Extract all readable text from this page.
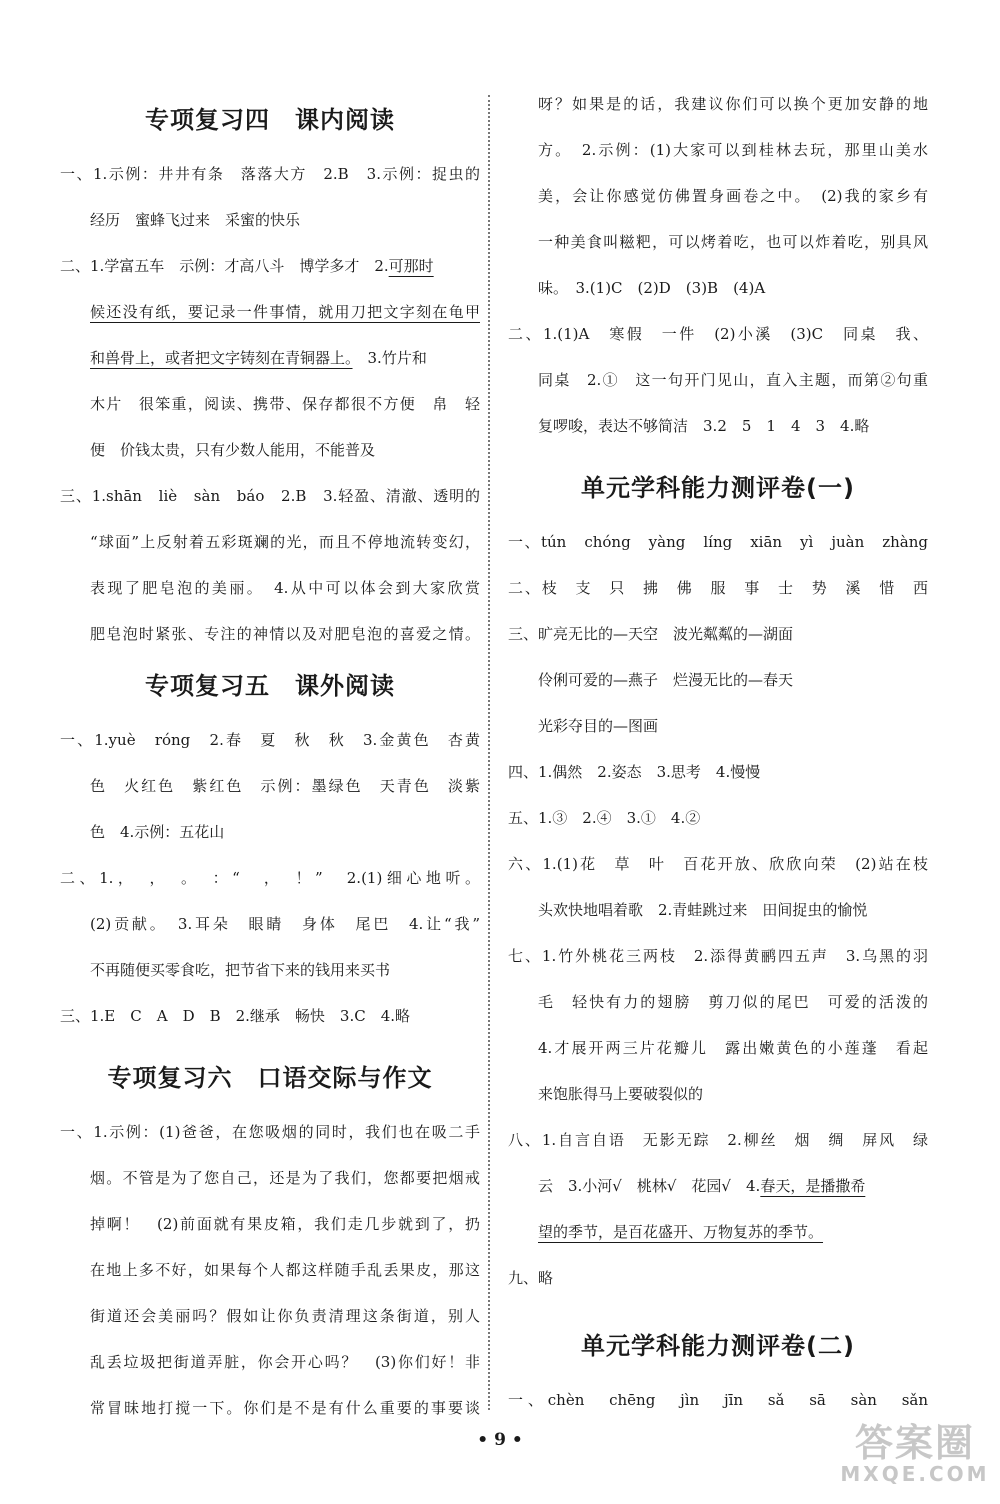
专项复习四　课内阅读
一、1.示例：井井有条　落落大方　2.B　3.示例：捉虫的
经历　蜜蜂飞过来　采蜜的快乐
二、1.学富五车　示例：才高八斗　博学多才　2.可那时
候还没有纸，要记录一件事情，就用刀把文字刻在龟甲
和兽骨上，或者把文字铸刻在青铜器上。　3.竹片和
木片　很笨重，阅读、携带、保存都很不方便　帛　轻
便　价钱太贵，只有少数人能用，不能普及
三、1.shān　liè　sàn　báo　2.B　3.轻盈、清澈、透明的
“球面”上反射着五彩斑斓的光，而且不停地流转变幻，
表现了肥皂泡的美丽。　4.从中可以体会到大家欣赏
肥皂泡时紧张、专注的神情以及对肥皂泡的喜爱之情。
专项复习五　课外阅读
一、1.yuè　róng　2.春　夏　秋　秋　3.金黄色　杏黄
色　火红色　紫红色　示例：墨绿色　天青色　淡紫
色　4.示例：五花山
二、1.，　，　。　：“　，　！”　2.(1)细心地听。
(2)贡献。　3.耳朵　眼睛　身体　尾巴　4.让“我”
不再随便买零食吃，把节省下来的钱用来买书
三、1.E　C　A　D　B　2.继承　畅快　3.C　4.略
专项复习六　口语交际与作文
一、1.示例：(1)爸爸，在您吸烟的同时，我们也在吸二手
烟。不管是为了您自己，还是为了我们，您都要把烟戒
掉啊！　(2)前面就有果皮箱，我们走几步就到了，扔
在地上多不好，如果每个人都这样随手乱丢果皮，那这
街道还会美丽吗？假如让你负责清理这条街道，别人
乱丢垃圾把街道弄脏，你会开心吗？　(3)你们好！非
常冒昧地打搅一下。你们是不是有什么重要的事要谈
呀？如果是的话，我建议你们可以换个更加安静的地
方。　2.示例：(1)大家可以到桂林去玩，那里山美水
美，会让你感觉仿佛置身画卷之中。　(2)我的家乡有
一种美食叫糍粑，可以烤着吃，也可以炸着吃，别具风
味。　3.(1)C　(2)D　(3)B　(4)A
二、1.(1)A　寒假　一件　(2)小溪　(3)C　同桌　我、
同桌　2.①　这一句开门见山，直入主题，而第②句重
复啰唆，表达不够简洁　3.2　5　1　4　3　4.略
单元学科能力测评卷(一)
一、tún　chóng　yàng　líng　xiān　yì　juàn　zhàng
二、枝　支　只　拂　佛　服　事　士　势　溪　惜　西
三、旷亮无比的—天空　波光粼粼的—湖面
伶俐可爱的—燕子　烂漫无比的—春天
光彩夺目的—图画
四、1.偶然　2.姿态　3.思考　4.慢慢
五、1.③　2.④　3.①　4.②
六、1.(1)花　草　叶　百花开放、欣欣向荣　(2)站在枝
头欢快地唱着歌　2.青蛙跳过来　田间捉虫的愉悦
七、1.竹外桃花三两枝　2.添得黄鹂四五声　3.乌黑的羽
毛　轻快有力的翅膀　剪刀似的尾巴　可爱的活泼的
4.才展开两三片花瓣儿　露出嫩黄色的小莲蓬　看起
来饱胀得马上要破裂似的
八、1.自言自语　无影无踪　2.柳丝　烟　绸　屏风　绿
云　3.小河√　桃林√　花园√　4.春天，是播撒希
望的季节，是百花盛开、万物复苏的季节。
九、略
单元学科能力测评卷(二)
一、chèn　chēng　jìn　jīn　sǎ　sā　sàn　sǎn
• 9 •	答案圈
MXQE.COM
